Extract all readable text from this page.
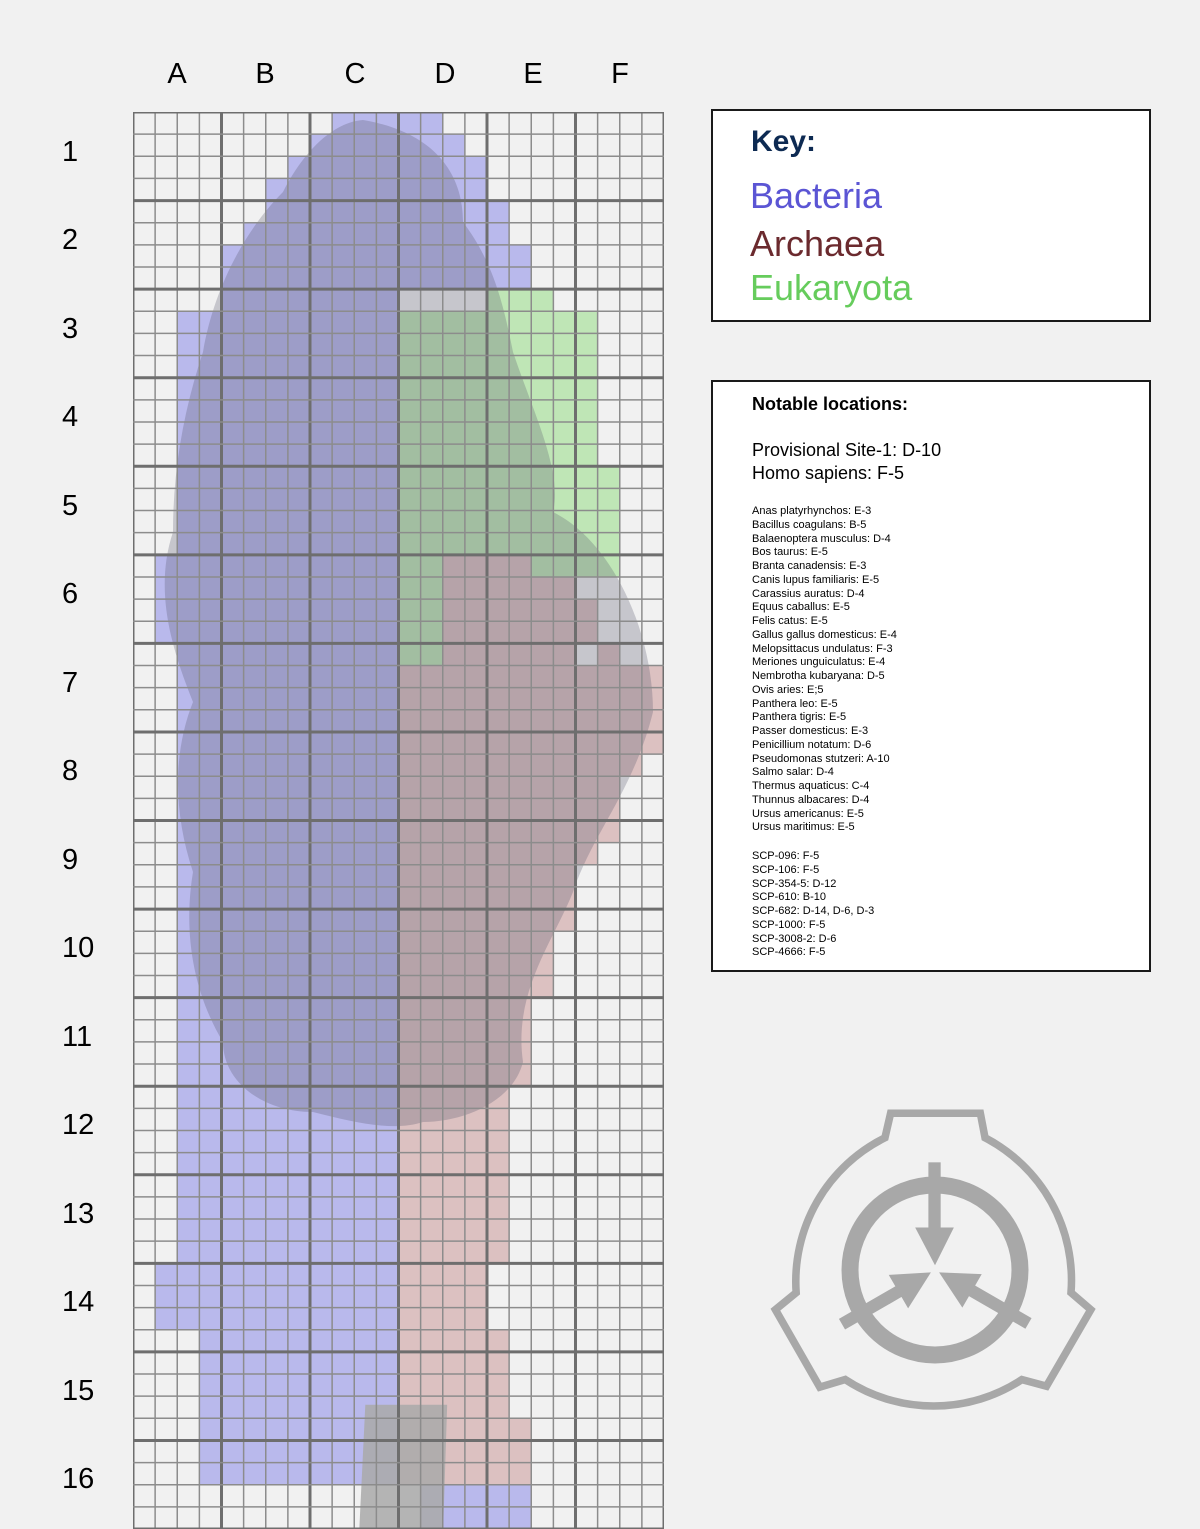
A	B	C	D	E	F
1
2
3
4
5
6
7
8
9
10
11
12
13
14
15
16
Key:
Bacteria
Archaea
Eukaryota
Notable locations:
Provisional Site-1: D-10
Homo sapiens: F-5
Anas platyrhynchos: E-3
Bacillus coagulans: B-5
Balaenoptera musculus: D-4
Bos taurus: E-5
Branta canadensis: E-3
Canis lupus familiaris: E-5
Carassius auratus: D-4
Equus caballus: E-5
Felis catus: E-5
Gallus gallus domesticus: E-4
Melopsittacus undulatus: F-3
Meriones unguiculatus: E-4
Nembrotha kubaryana: D-5
Ovis aries: E;5
Panthera leo: E-5
Panthera tigris: E-5
Passer domesticus: E-3
Penicillium notatum: D-6
Pseudomonas stutzeri: A-10
Salmo salar: D-4
Thermus aquaticus: C-4
Thunnus albacares: D-4
Ursus americanus: E-5
Ursus maritimus: E-5
SCP-096: F-5
SCP-106: F-5
SCP-354-5: D-12
SCP-610: B-10
SCP-682: D-14, D-6, D-3
SCP-1000: F-5
SCP-3008-2: D-6
SCP-4666: F-5
